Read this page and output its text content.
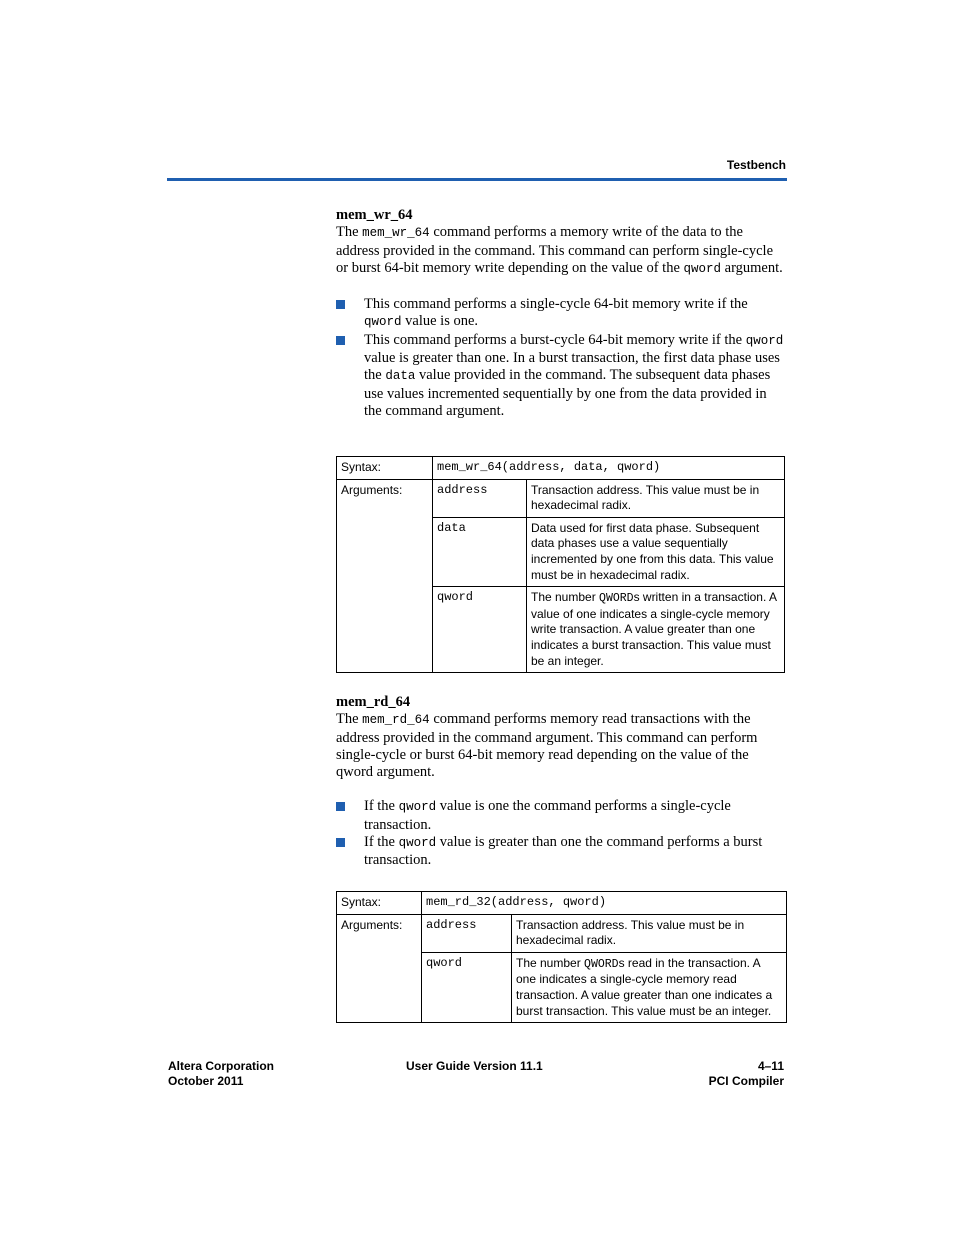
Testbench

mem_wr_64

The mem_wr_64 command performs a memory write of the data to the address provided in the command. This command can perform single-cycle or burst 64-bit memory write depending on the value of the qword argument.

This command performs a single-cycle 64-bit memory write if the qword value is one.
This command performs a burst-cycle 64-bit memory write if the qword value is greater than one. In a burst transaction, the first data phase uses the data value provided in the command. The subsequent data phases use values incremented sequentially by one from the data provided in the command argument.
Syntax:	mem_wr_64(address, data, qword)	
Arguments:	address	Transaction address. This value must be in hexadecimal radix.
	data	Data used for first data phase. Subsequent data phases use a value sequentially incremented by one from this data. This value must be in hexadecimal radix.
	qword	The number QWORDs written in a transaction. A value of one indicates a single-cycle memory write transaction. A value greater than one indicates a burst transaction. This value must be an integer.

mem_rd_64

The mem_rd_64 command performs memory read transactions with the address provided in the command argument. This command can perform single-cycle or burst 64-bit memory read depending on the value of the qword argument.

If the qword value is one the command performs a single-cycle transaction.
If the qword value is greater than one the command performs a burst transaction.
Syntax:	mem_rd_32(address, qword)	
Arguments:	address	Transaction address. This value must be in hexadecimal radix.
	qword	The number QWORDs read in the transaction. A one indicates a single-cycle memory read transaction. A value greater than one indicates a burst transaction. This value must be an integer.
Altera Corporation
October 2011
User Guide Version 11.1	4–11
PCI Compiler
